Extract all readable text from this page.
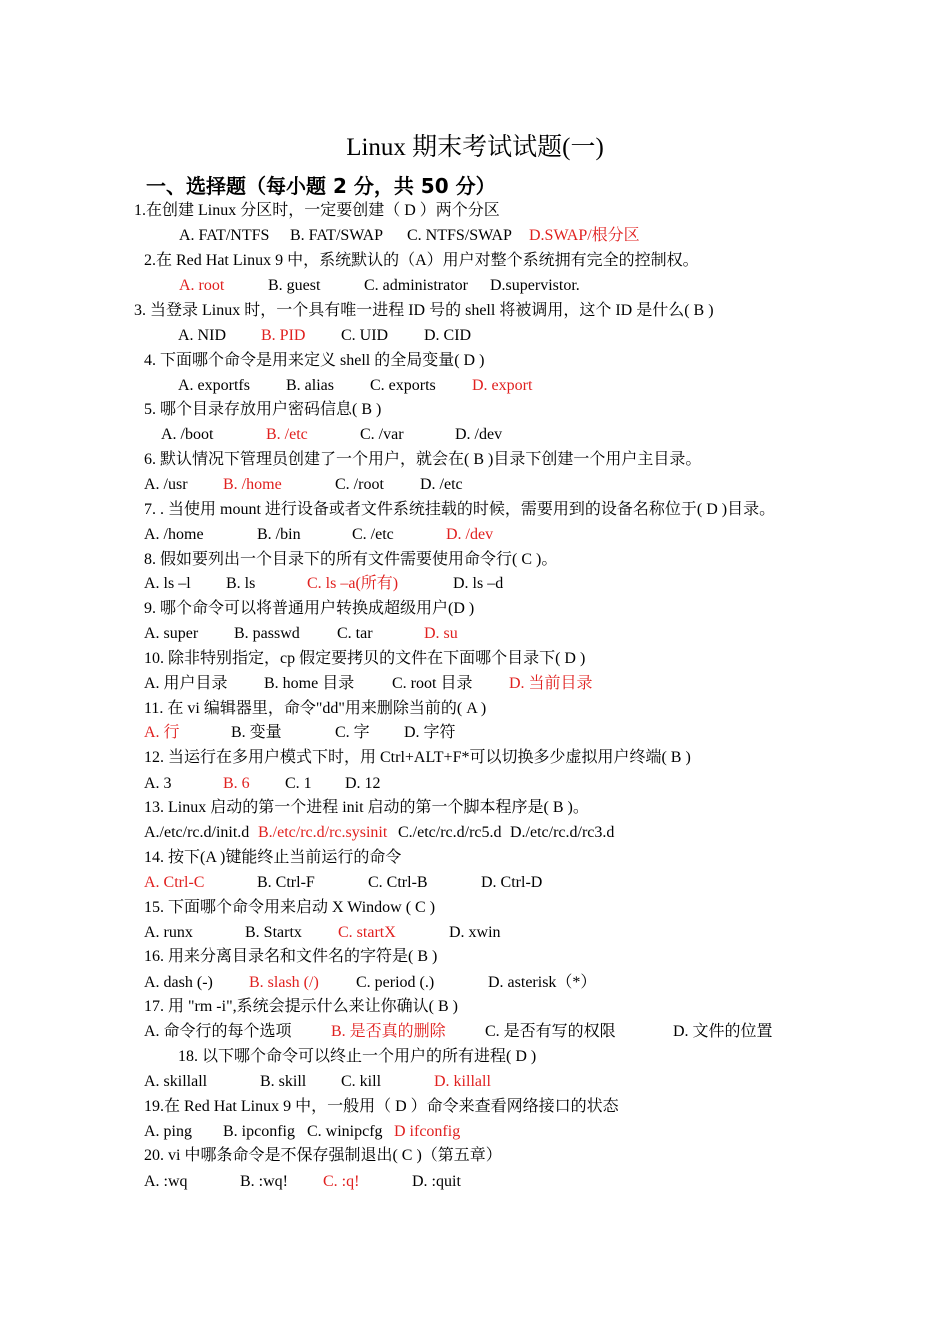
Linux 期末考试试题(一)
一、选择题（每小题 2 分，共 50 分）
1.在创建 Linux 分区时，一定要创建（ D ）两个分区
A. FAT/NTFS B. FAT/SWAP C. NTFS/SWAP D.SWAP/根分区
2.在 Red Hat Linux 9 中，系统默认的（A）用户对整个系统拥有完全的控制权。
A. root	B. guest	C. administrator D.supervistor.
3. 当登录 Linux 时，一个具有唯一进程 ID 号的 shell 将被调用，这个 ID 是什么( B )
A. NID B. PID C. UID D. CID
4. 下面哪个命令是用来定义 shell 的全局变量( D )
A. exportfs B. alias C. exports D. export
5. 哪个目录存放用户密码信息( B )
A. /boot	B. /etc	C. /var	D. /dev
6. 默认情况下管理员创建了一个用户，就会在( B )目录下创建一个用户主目录。
A. /usr B. /home	C. /root D. /etc
7. . 当使用 mount 进行设备或者文件系统挂载的时候，需要用到的设备名称位于( D )目录。
A. /home	B. /bin	C. /etc	D. /dev
8. 假如要列出一个目录下的所有文件需要使用命令行( C )。
A. ls –l B. ls	C. ls –a(所有)	D. ls –d
9. 哪个命令可以将普通用户转换成超级用户(D )
A. super B. passwd C. tar	D. su
10. 除非特别指定，cp 假定要拷贝的文件在下面哪个目录下( D )
A. 用户目录 B. home 目录 C. root 目录 D. 当前目录
11. 在 vi 编辑器里，命令"dd"用来删除当前的( A )
A. 行	B. 变量	C. 字 D. 字符
12. 当运行在多用户模式下时，用 Ctrl+ALT+F*可以切换多少虚拟用户终端( B )
A. 3	B. 6 C. 1 D. 12
13. Linux 启动的第一个进程 init 启动的第一个脚本程序是( B )。
A./etc/rc.d/init.d B./etc/rc.d/rc.sysinit C./etc/rc.d/rc5.d D./etc/rc.d/rc3.d
14. 按下(A )键能终止当前运行的命令
A. Ctrl-C	B. Ctrl-F	C. Ctrl-B	D. Ctrl-D
15. 下面哪个命令用来启动 X Window ( C )
A. runx	B. Startx C. startX	D. xwin
16. 用来分离目录名和文件名的字符是( B )
A. dash (-) B. slash (/) C. period (.)	D. asterisk（*）
17. 用 "rm -i",系统会提示什么来让你确认( B )
A. 命令行的每个选项 B. 是否真的删除 C. 是否有写的权限	D. 文件的位置
18. 以下哪个命令可以终止一个用户的所有进程( D )
A. skillall	B. skill C. kill	D. killall
19.在 Red Hat Linux 9 中，一般用（ D ）命令来查看网络接口的状态
A. ping B. ipconfig C. winipcfg D ifconfig
20. vi 中哪条命令是不保存强制退出( C )（第五章）
A. :wq	B. :wq! C. :q!	D. :quit
